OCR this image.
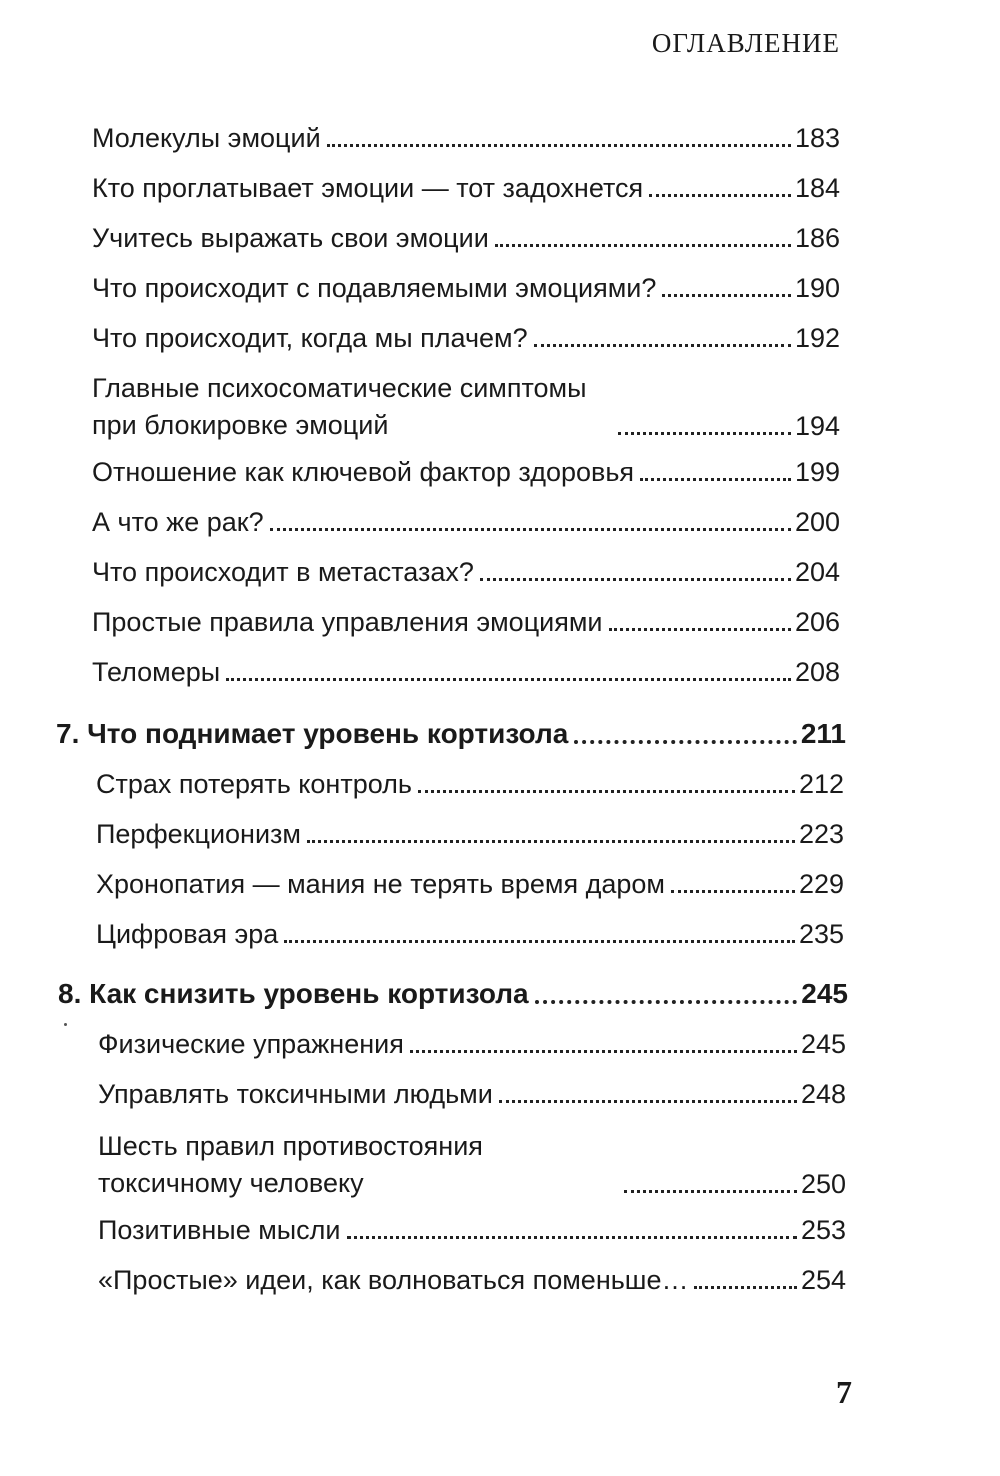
ОГЛАВЛЕНИЕ
Молекулы эмоций	183
Кто проглатывает эмоции — тот задохнется	184
Учитесь выражать свои эмоции	186
Что происходит с подавляемыми эмоциями?	190
Что происходит, когда мы плачем?	192
Главные психосоматические симптомы при блокировке эмоций	194
Отношение как ключевой фактор здоровья	199
А что же рак?	200
Что происходит в метастазах?	204
Простые правила управления эмоциями	206
Теломеры	208
7. Что поднимает уровень кортизола	211
Страх потерять контроль	212
Перфекционизм	223
Хронопатия — мания не терять время даром	229
Цифровая эра	235
8. Как снизить уровень кортизола	245
Физические упражнения	245
Управлять токсичными людьми	248
Шесть правил противостояния токсичному человеку	250
Позитивные мысли	253
«Простые» идеи, как волноваться поменьше…	254
7
